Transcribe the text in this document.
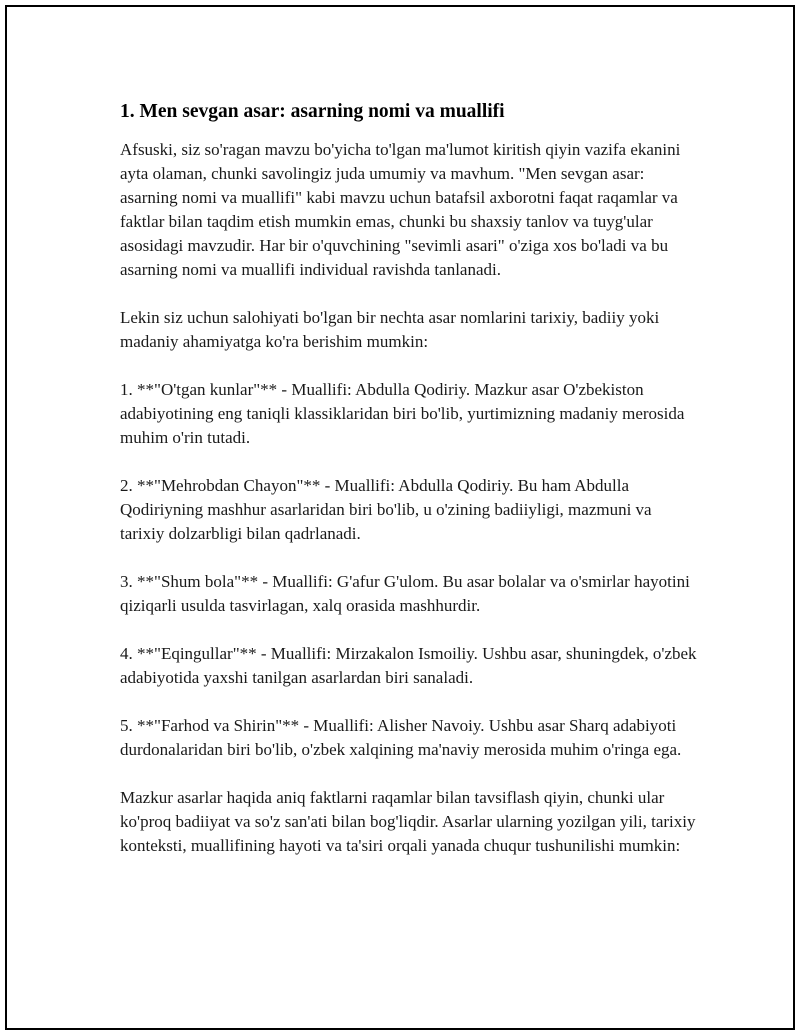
1. Men sevgan asar: asarning nomi va muallifi

Afsuski, siz so'ragan mavzu bo'yicha to'lgan ma'lumot kiritish qiyin vazifa ekanini ayta olaman, chunki savolingiz juda umumiy va mavhum. "Men sevgan asar: asarning nomi va muallifi" kabi mavzu uchun batafsil axborotni faqat raqamlar va faktlar bilan taqdim etish mumkin emas, chunki bu shaxsiy tanlov va tuyg'ular asosidagi mavzudir. Har bir o'quvchining "sevimli asari" o'ziga xos bo'ladi va bu asarning nomi va muallifi individual ravishda tanlanadi.

Lekin siz uchun salohiyati bo'lgan bir nechta asar nomlarini tarixiy, badiiy yoki madaniy ahamiyatga ko'ra berishim mumkin:

1. **"O'tgan kunlar"** - Muallifi: Abdulla Qodiriy. Mazkur asar O'zbekiston adabiyotining eng taniqli klassiklaridan biri bo'lib, yurtimizning madaniy merosida muhim o'rin tutadi.

2. **"Mehrobdan Chayon"** - Muallifi: Abdulla Qodiriy. Bu ham Abdulla Qodiriyning mashhur asarlaridan biri bo'lib, u o'zining badiiyligi, mazmuni va tarixiy dolzarbligi bilan qadrlanadi.

3. **"Shum bola"** - Muallifi: G'afur G'ulom. Bu asar bolalar va o'smirlar hayotini qiziqarli usulda tasvirlagan, xalq orasida mashhurdir.

4. **"Eqingullar"** - Muallifi: Mirzakalon Ismoiliy. Ushbu asar, shuningdek, o'zbek adabiyotida yaxshi tanilgan asarlardan biri sanaladi.

5. **"Farhod va Shirin"** - Muallifi: Alisher Navoiy. Ushbu asar Sharq adabiyoti durdonalaridan biri bo'lib, o'zbek xalqining ma'naviy merosida muhim o'ringa ega.

Mazkur asarlar haqida aniq faktlarni raqamlar bilan tavsiflash qiyin, chunki ular ko'proq badiiyat va so'z san'ati bilan bog'liqdir. Asarlar ularning yozilgan yili, tarixiy konteksti, muallifining hayoti va ta'siri orqali yanada chuqur tushunilishi mumkin:
